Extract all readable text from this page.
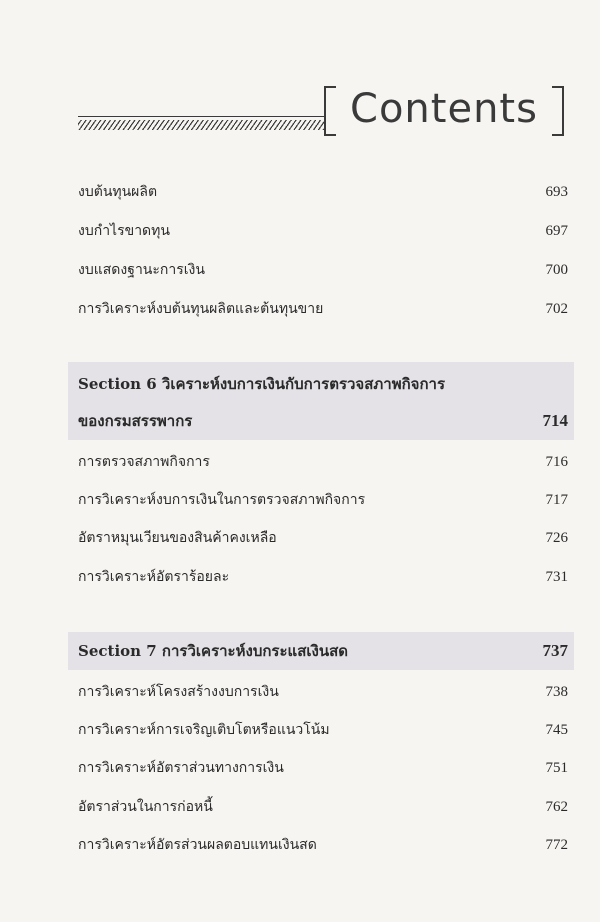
Contents
งบต้นทุนผลิต	693
งบกำไรขาดทุน	697
งบแสดงฐานะการเงิน	700
การวิเคราะห์งบต้นทุนผลิตและต้นทุนขาย	702
Section 6 วิเคราะห์งบการเงินกับการตรวจสภาพกิจการ
ของกรมสรรพากร	714
การตรวจสภาพกิจการ	716
การวิเคราะห์งบการเงินในการตรวจสภาพกิจการ	717
อัตราหมุนเวียนของสินค้าคงเหลือ	726
การวิเคราะห์อัตราร้อยละ	731
Section 7 การวิเคราะห์งบกระแสเงินสด	737
การวิเคราะห์โครงสร้างงบการเงิน	738
การวิเคราะห์การเจริญเติบโตหรือแนวโน้ม	745
การวิเคราะห์อัตราส่วนทางการเงิน	751
อัตราส่วนในการก่อหนี้	762
การวิเคราะห์อัตรส่วนผลตอบแทนเงินสด	772
